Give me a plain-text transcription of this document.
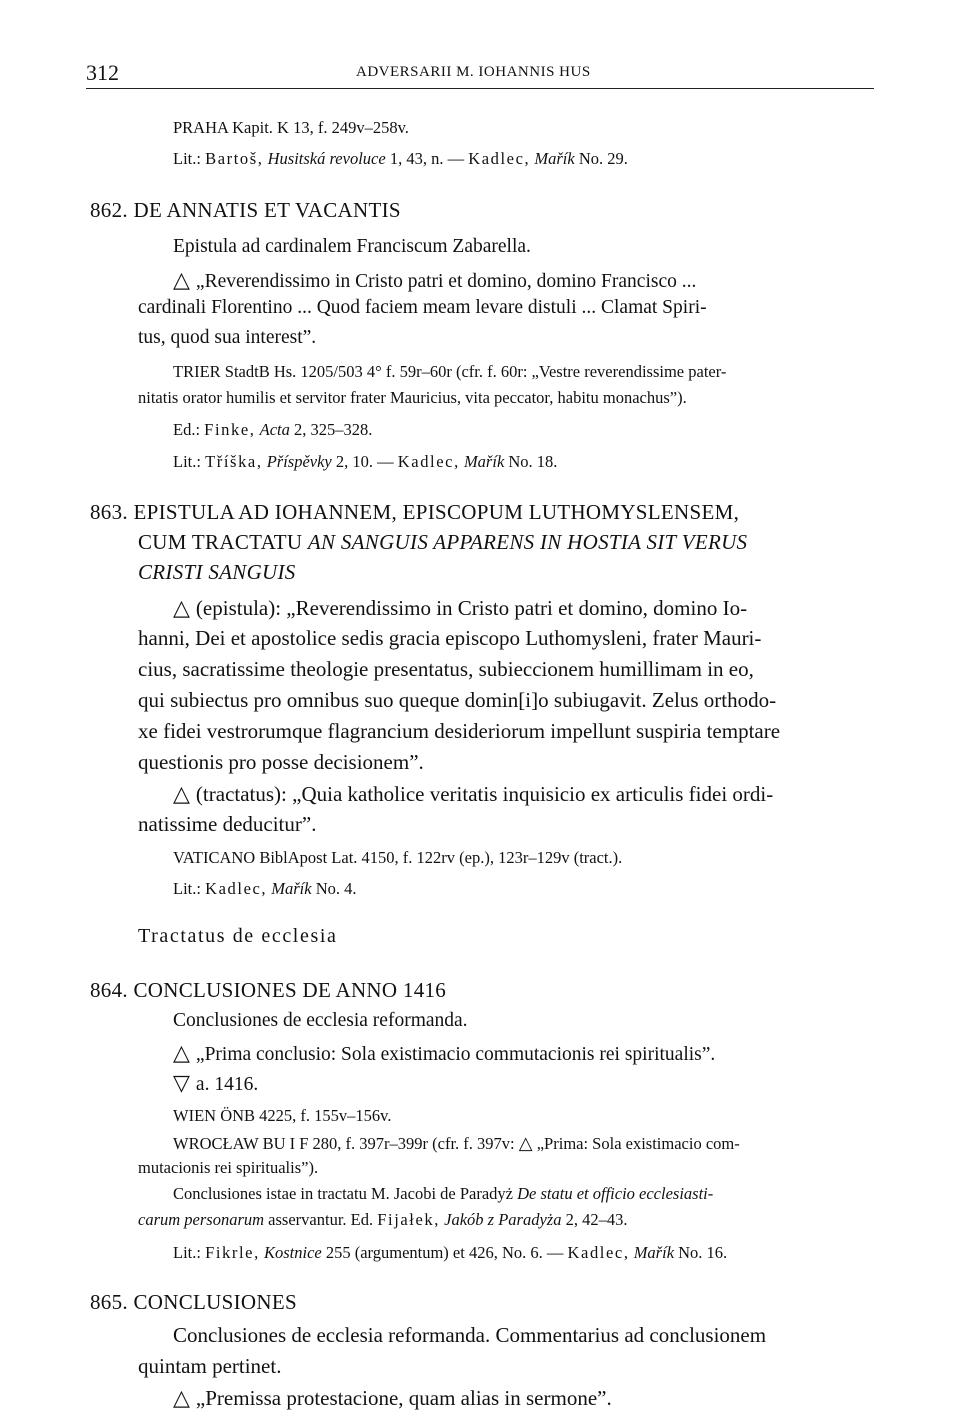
312	ADVERSARII M. IOHANNIS HUS
PRAHA Kapit. K 13, f. 249v–258v.
Lit.: Bartoš, Husitská revoluce 1, 43, n. — Kadlec, Mařík No. 29.
862. DE ANNATIS ET VACANTIS
Epistula ad cardinalem Franciscum Zabarella.
△ „Reverendissimo in Cristo patri et domino, domino Francisco ...
cardinali Florentino ... Quod faciem meam levare distuli ... Clamat Spiri-
tus, quod sua interest”.
TRIER StadtB Hs. 1205/503 4° f. 59r–60r (cfr. f. 60r: „Vestre reverendissime pater-
nitatis orator humilis et servitor frater Mauricius, vita peccator, habitu monachus”).
Ed.: Finke, Acta 2, 325–328.
Lit.: Tříška, Příspěvky 2, 10. — Kadlec, Mařík No. 18.
863. EPISTULA AD IOHANNEM, EPISCOPUM LUTHOMYSLENSEM,
CUM TRACTATU AN SANGUIS APPARENS IN HOSTIA SIT VERUS
CRISTI SANGUIS
△ (epistula): „Reverendissimo in Cristo patri et domino, domino Io-
hanni, Dei et apostolice sedis gracia episcopo Luthomysleni, frater Mauri-
cius, sacratissime theologie presentatus, subieccionem humillimam in eo,
qui subiectus pro omnibus suo queque domin[i]o subiugavit. Zelus orthodo-
xe fidei vestrorumque flagrancium desideriorum impellunt suspiria temptare
questionis pro posse decisionem”.
△ (tractatus): „Quia katholice veritatis inquisicio ex articulis fidei ordi-
natissime deducitur”.
VATICANO BiblApost Lat. 4150, f. 122rv (ep.), 123r–129v (tract.).
Lit.: Kadlec, Mařík No. 4.
Tractatus de ecclesia
864. CONCLUSIONES DE ANNO 1416
Conclusiones de ecclesia reformanda.
△ „Prima conclusio: Sola existimacio commutacionis rei spiritualis”.
▽ a. 1416.
WIEN ÖNB 4225, f. 155v–156v.
WROCŁAW BU I F 280, f. 397r–399r (cfr. f. 397v: △ „Prima: Sola existimacio com-
mutacionis rei spiritualis”).
Conclusiones istae in tractatu M. Jacobi de Paradyż De statu et officio ecclesiasti-
carum personarum asservantur. Ed. Fijałek, Jakób z Paradyża 2, 42–43.
Lit.: Fikrle, Kostnice 255 (argumentum) et 426, No. 6. — Kadlec, Mařík No. 16.
865. CONCLUSIONES
Conclusiones de ecclesia reformanda. Commentarius ad conclusionem
quintam pertinet.
△ „Premissa protestacione, quam alias in sermone”.
